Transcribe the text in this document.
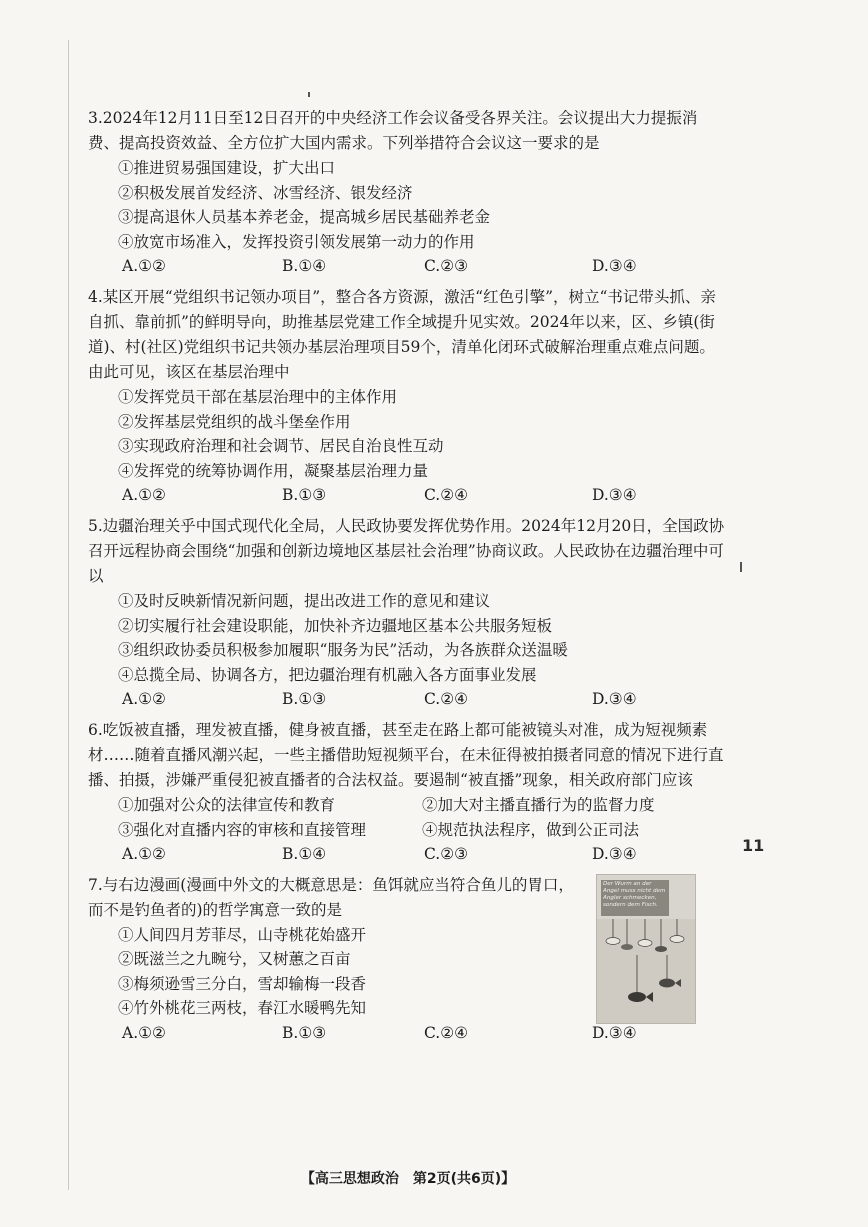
11

3.2024年12月11日至12日召开的中央经济工作会议备受各界关注。会议提出大力提振消费、提高投资效益、全方位扩大国内需求。下列举措符合会议这一要求的是

①推进贸易强国建设，扩大出口
②积极发展首发经济、冰雪经济、银发经济
③提高退休人员基本养老金，提高城乡居民基础养老金
④放宽市场准入，发挥投资引领发展第一动力的作用
A.①②	B.①④	C.②③	D.③④

4.某区开展“党组织书记领办项目”，整合各方资源，激活“红色引擎”，树立“书记带头抓、亲自抓、靠前抓”的鲜明导向，助推基层党建工作全域提升见实效。2024年以来，区、乡镇(街道)、村(社区)党组织书记共领办基层治理项目59个，清单化闭环式破解治理重点难点问题。由此可见，该区在基层治理中

①发挥党员干部在基层治理中的主体作用
②发挥基层党组织的战斗堡垒作用
③实现政府治理和社会调节、居民自治良性互动
④发挥党的统筹协调作用，凝聚基层治理力量
A.①②	B.①③	C.②④	D.③④

5.边疆治理关乎中国式现代化全局，人民政协要发挥优势作用。2024年12月20日，全国政协召开远程协商会围绕“加强和创新边境地区基层社会治理”协商议政。人民政协在边疆治理中可以

①及时反映新情况新问题，提出改进工作的意见和建议
②切实履行社会建设职能，加快补齐边疆地区基本公共服务短板
③组织政协委员积极参加履职“服务为民”活动，为各族群众送温暖
④总揽全局、协调各方，把边疆治理有机融入各方面事业发展
A.①②	B.①③	C.②④	D.③④

6.吃饭被直播，理发被直播，健身被直播，甚至走在路上都可能被镜头对准，成为短视频素材……随着直播风潮兴起，一些主播借助短视频平台，在未征得被拍摄者同意的情况下进行直播、拍摄，涉嫌严重侵犯被直播者的合法权益。要遏制“被直播”现象，相关政府部门应该

①加强对公众的法律宣传和教育	②加大对主播直播行为的监督力度
③强化对直播内容的审核和直接管理	④规范执法程序，做到公正司法
A.①②	B.①④	C.②③	D.③④

7.与右边漫画(漫画中外文的大概意思是：鱼饵就应当符合鱼儿的胃口，而不是钓鱼者的)的哲学寓意一致的是

①人间四月芳菲尽，山寺桃花始盛开
②既滋兰之九畹兮，又树蕙之百亩
③梅须逊雪三分白，雪却输梅一段香
④竹外桃花三两枝，春江水暖鸭先知
A.①②	B.①③	C.②④	D.③④
Der Wurm an der Angel muss nicht dem Angler schmecken, sondern dem Fisch.
【高三思想政治　第2页(共6页)】
